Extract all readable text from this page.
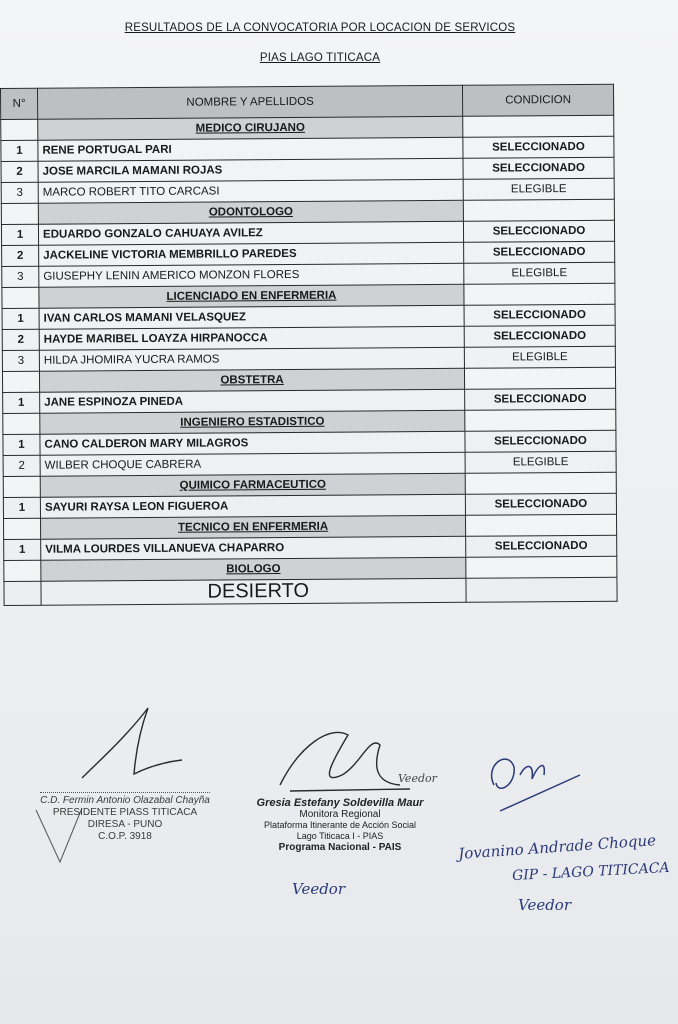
RESULTADOS DE LA CONVOCATORIA POR LOCACION DE SERVICOS
PIAS LAGO TITICACA
N°	NOMBRE Y APELLIDOS	CONDICION
	MEDICO CIRUJANO	
1	RENE PORTUGAL PARI	SELECCIONADO
2	JOSE MARCILA MAMANI ROJAS	SELECCIONADO
3	MARCO ROBERT TITO CARCASI	ELEGIBLE
	ODONTOLOGO	
1	EDUARDO GONZALO CAHUAYA AVILEZ	SELECCIONADO
2	JACKELINE VICTORIA MEMBRILLO PAREDES	SELECCIONADO
3	GIUSEPHY LENIN AMERICO MONZON FLORES	ELEGIBLE
	LICENCIADO EN ENFERMERIA	
1	IVAN CARLOS MAMANI VELASQUEZ	SELECCIONADO
2	HAYDE MARIBEL LOAYZA HIRPANOCCA	SELECCIONADO
3	HILDA JHOMIRA YUCRA RAMOS	ELEGIBLE
	OBSTETRA	
1	JANE ESPINOZA PINEDA	SELECCIONADO
	INGENIERO ESTADISTICO	
1	CANO CALDERON MARY MILAGROS	SELECCIONADO
2	WILBER CHOQUE CABRERA	ELEGIBLE
	QUIMICO FARMACEUTICO	
1	SAYURI RAYSA LEON FIGUEROA	SELECCIONADO
	TECNICO EN ENFERMERIA	
1	VILMA LOURDES VILLANUEVA CHAPARRO	SELECCIONADO
	BIOLOGO	
	DESIERTO	
C.D. Fermin Antonio Olazabal Chayña
PRESIDENTE PIASS TITICACA
DIRESA - PUNO
C.O.P. 3918
Veedor
Gresia Estefany Soldevilla Maur
Monitora Regional
Plataforma Itinerante de Acción Social
Lago Titicaca I - PIAS
Programa Nacional - PAIS
Veedor
Jovanino Andrade Choque
GIP - LAGO TITICACA
Veedor
